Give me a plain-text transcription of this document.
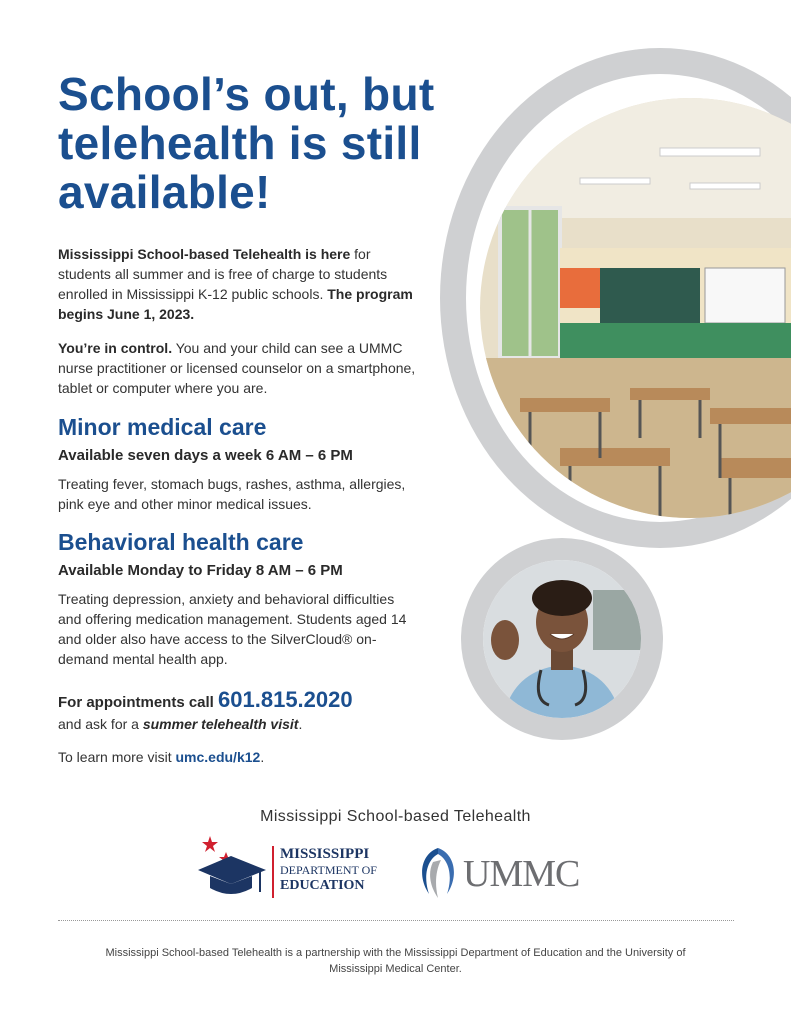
School’s out, but telehealth is still available!

Mississippi School-based Telehealth is here for students all summer and is free of charge to students enrolled in Mississippi K-12 public schools. The program begins June 1, 2023.

You’re in control. You and your child can see a UMMC nurse practitioner or licensed counselor on a smartphone, tablet or computer where you are.

Minor medical care

Available seven days a week 6 AM – 6 PM

Treating fever, stomach bugs, rashes, asthma, allergies, pink eye and other minor medical issues.

Behavioral health care

Available Monday to Friday 8 AM – 6 PM

Treating depression, anxiety and behavioral difficulties and offering medication management. Students aged 14 and older also have access to the SilverCloud® on-demand mental health app.

For appointments call 601.815.2020

and ask for a summer telehealth visit.

To learn more visit umc.edu/k12.

Mississippi School-based Telehealth
MISSISSIPPI
DEPARTMENT OF
EDUCATION	UMMC
Mississippi School-based Telehealth is a partnership with the Mississippi Department of Education and the University of Mississippi Medical Center.
